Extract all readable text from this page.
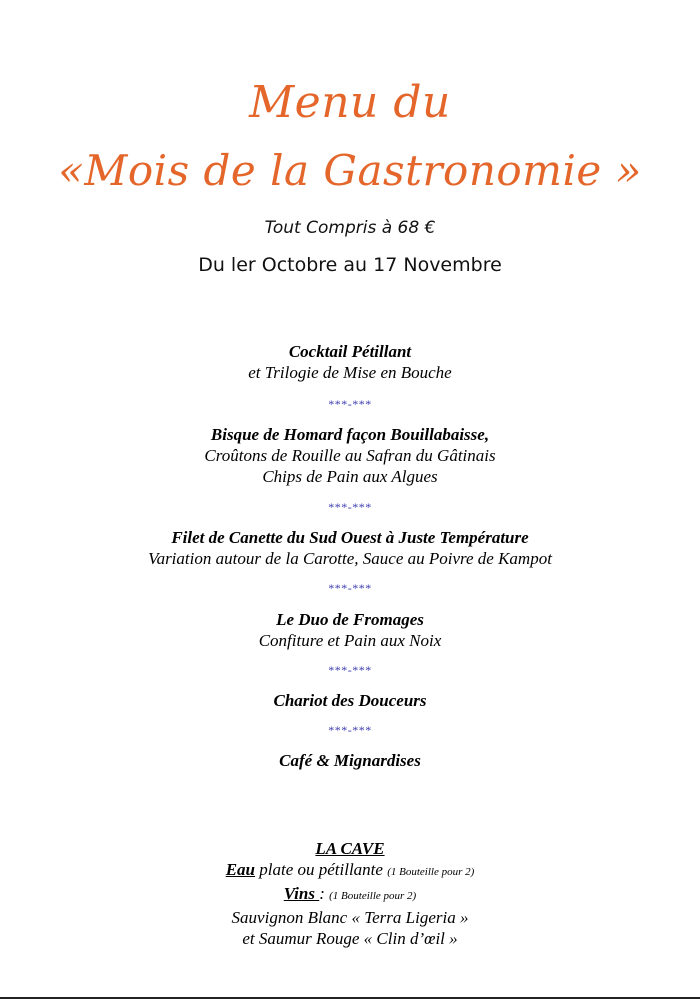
Menu du
«Mois de la Gastronomie »
Tout Compris à 68 €
Du ler Octobre au 17 Novembre
Cocktail Pétillant
et Trilogie de Mise en Bouche
***-***
Bisque de Homard façon Bouillabaisse,
Croûtons de Rouille au Safran du Gâtinais
Chips de Pain aux Algues
***-***
Filet de Canette du Sud Ouest à Juste Température
Variation autour de la Carotte, Sauce au Poivre de Kampot
***-***
Le Duo de Fromages
Confiture et Pain aux Noix
***-***
Chariot des Douceurs
***-***
Café & Mignardises
LA CAVE
Eau plate ou pétillante (1 Bouteille pour 2)
Vins : (1 Bouteille pour 2)
Sauvignon Blanc « Terra Ligeria »
et Saumur Rouge « Clin d’œil »
